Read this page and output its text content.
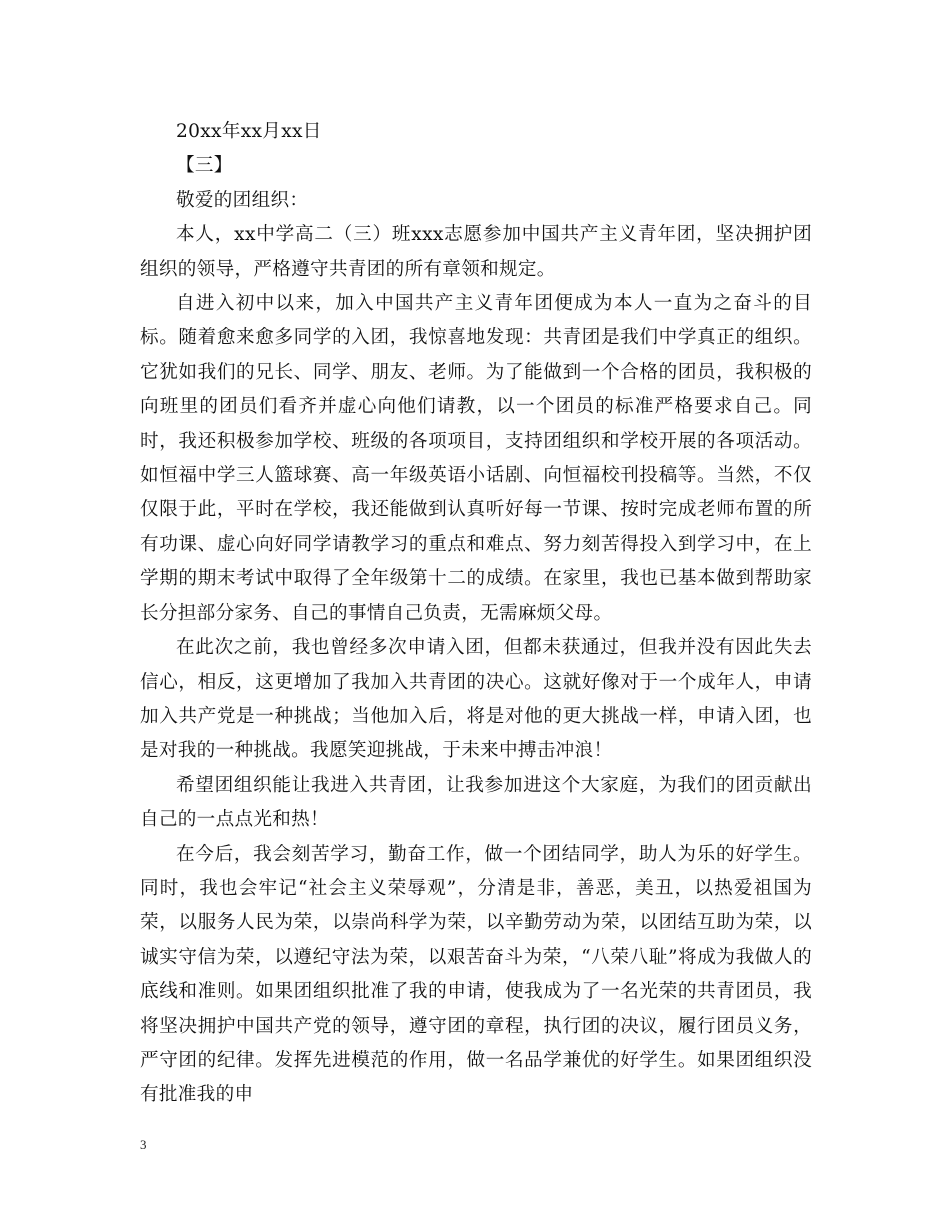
20xx年xx月xx日

【三】

敬爱的团组织：

本人，xx中学高二（三）班xxx志愿参加中国共产主义青年团，坚决拥护团组织的领导，严格遵守共青团的所有章领和规定。

自进入初中以来，加入中国共产主义青年团便成为本人一直为之奋斗的目标。随着愈来愈多同学的入团，我惊喜地发现：共青团是我们中学真正的组织。它犹如我们的兄长、同学、朋友、老师。为了能做到一个合格的团员，我积极的向班里的团员们看齐并虚心向他们请教，以一个团员的标准严格要求自己。同时，我还积极参加学校、班级的各项项目，支持团组织和学校开展的各项活动。如恒福中学三人篮球赛、高一年级英语小话剧、向恒福校刊投稿等。当然，不仅仅限于此，平时在学校，我还能做到认真听好每一节课、按时完成老师布置的所有功课、虚心向好同学请教学习的重点和难点、努力刻苦得投入到学习中，在上学期的期末考试中取得了全年级第十二的成绩。在家里，我也已基本做到帮助家长分担部分家务、自己的事情自己负责，无需麻烦父母。

在此次之前，我也曾经多次申请入团，但都未获通过，但我并没有因此失去信心，相反，这更增加了我加入共青团的决心。这就好像对于一个成年人，申请加入共产党是一种挑战；当他加入后，将是对他的更大挑战一样，申请入团，也是对我的一种挑战。我愿笑迎挑战，于未来中搏击冲浪！

希望团组织能让我进入共青团，让我参加进这个大家庭，为我们的团贡献出自己的一点点光和热！

在今后，我会刻苦学习，勤奋工作，做一个团结同学，助人为乐的好学生。同时，我也会牢记“社会主义荣辱观”，分清是非，善恶，美丑，以热爱祖国为荣，以服务人民为荣，以崇尚科学为荣，以辛勤劳动为荣，以团结互助为荣，以诚实守信为荣，以遵纪守法为荣，以艰苦奋斗为荣，“八荣八耻”将成为我做人的底线和准则。如果团组织批准了我的申请，使我成为了一名光荣的共青团员，我将坚决拥护中国共产党的领导，遵守团的章程，执行团的决议，履行团员义务，严守团的纪律。发挥先进模范的作用，做一名品学兼优的好学生。如果团组织没有批准我的申

3
